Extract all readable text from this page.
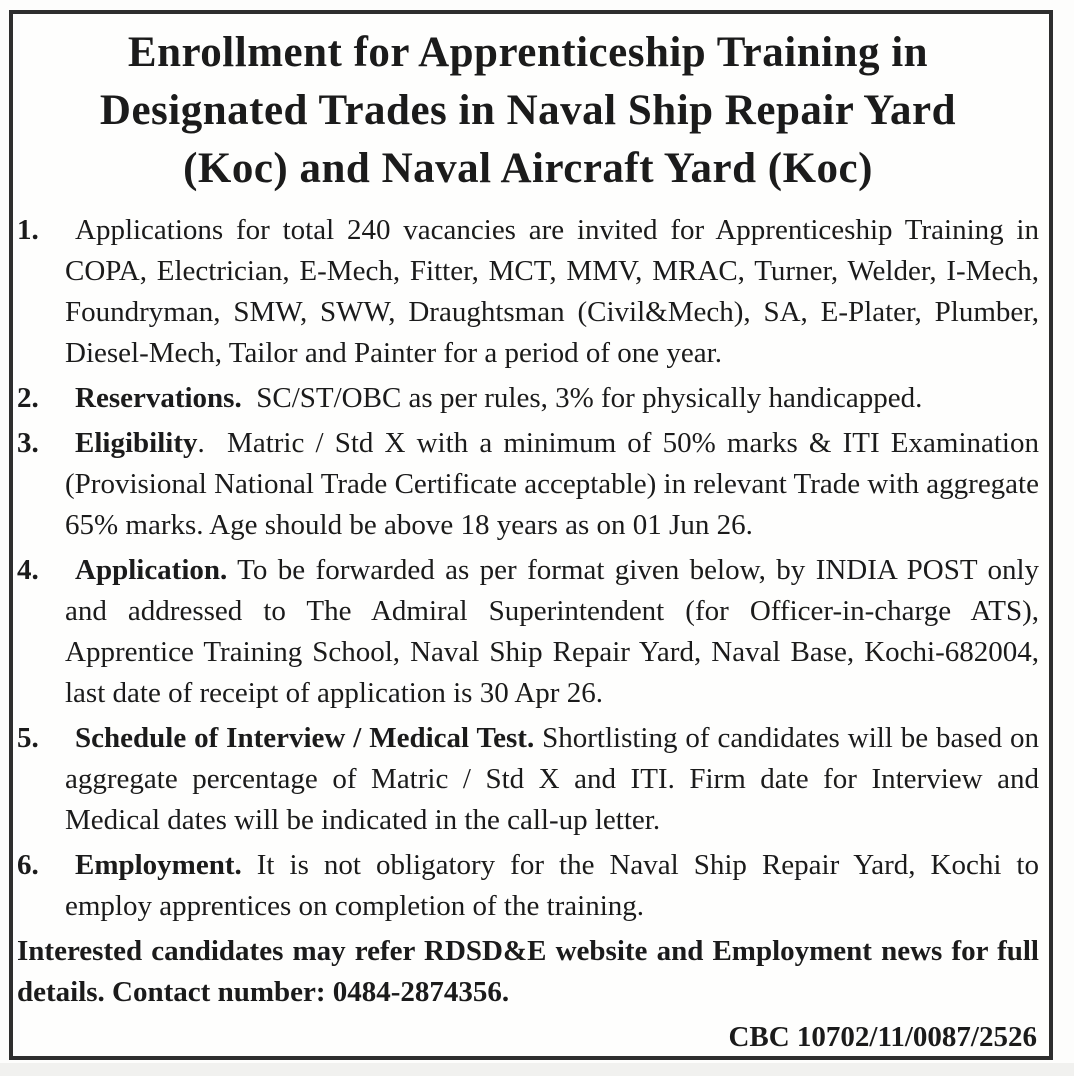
Enrollment for Apprenticeship Training in
Designated Trades in Naval Ship Repair Yard
(Koc) and Naval Aircraft Yard (Koc)
1. Applications for total 240 vacancies are invited for Apprenticeship Training in COPA, Electrician, E-Mech, Fitter, MCT, MMV, MRAC, Turner, Welder, I-Mech, Foundryman, SMW, SWW, Draughtsman (Civil&Mech), SA, E-Plater, Plumber, Diesel-Mech, Tailor and Painter for a period of one year.
2. Reservations.  SC/ST/OBC as per rules, 3% for physically handicapped.
3. Eligibility.  Matric / Std X with a minimum of 50% marks & ITI Examination (Provisional National Trade Certificate acceptable) in relevant Trade with aggregate 65% marks. Age should be above 18 years as on 01 Jun 26.
4. Application. To be forwarded as per format given below, by INDIA POST only and addressed to The Admiral Superintendent (for Officer-in-charge ATS), Apprentice Training School, Naval Ship Repair Yard, Naval Base, Kochi-682004, last date of receipt of application is 30 Apr 26.
5. Schedule of Interview / Medical Test. Shortlisting of candidates will be based on aggregate percentage of Matric / Std X and ITI. Firm date for Interview and Medical dates will be indicated in the call-up letter.
6. Employment. It is not obligatory for the Naval Ship Repair Yard, Kochi to employ apprentices on completion of the training.
Interested candidates may refer RDSD&E website and Employment news for full details. Contact number: 0484-2874356.
CBC 10702/11/0087/2526
